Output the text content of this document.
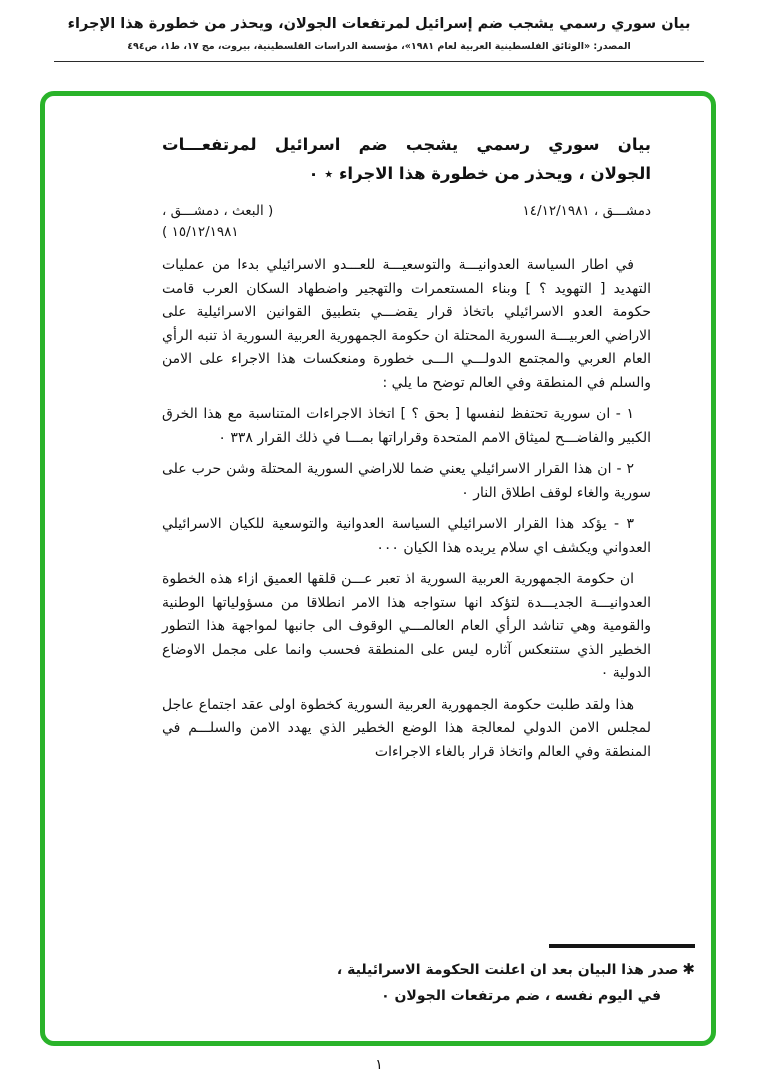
بيان سوري رسمي يشجب ضم إسرائيل لمرتفعات الجولان، ويحذر من خطورة هذا الإجراء
المصدر: «الوثائق الفلسطينية العربية لعام ١٩٨١»، مؤسسة الدراسات الفلسطينية، بيروت، مج ١٧، ط١، ص٤٩٤
بيان سوري رسمي يشجب ضم اسرائيل لمرتفعـــات
الجولان ، ويحذر من خطورة هذا الاجراء ٭ ٠
دمشـــق ، ١٤/١٢/١٩٨١
( البعث ، دمشـــق ، ١٥/١٢/١٩٨١ )

في اطار السياسة العدوانيـــة والتوسعيـــة للعـــدو الاسرائيلي بدءا من عمليات التهديد [ التهويد ؟ ] وبناء المستعمرات والتهجير واضطهاد السكان العرب قامت حكومة العدو الاسرائيلي باتخاذ قرار يقضـــي بتطبيق القوانين الاسرائيلية على الاراضي العربيـــة السورية المحتلة ان حكومة الجمهورية العربية السورية اذ تنبه الرأي العام العربي والمجتمع الدولـــي الـــى خطورة ومنعكسات هذا الاجراء على الامن والسلم في المنطقة وفي العالم توضح ما يلي :

١ - ان سورية تحتفظ لنفسها [ بحق ؟ ] اتخاذ الاجراءات المتناسبة مع هذا الخرق الكبير والفاضـــح لميثاق الامم المتحدة وقراراتها بمـــا في ذلك القرار ٣٣٨ ٠

٢ - ان هذا القرار الاسرائيلي يعني ضما للاراضي السورية المحتلة وشن حرب على سورية والغاء لوقف اطلاق النار ٠

٣ - يؤكد هذا القرار الاسرائيلي السياسة العدوانية والتوسعية للكيان الاسرائيلي العدواني ويكشف اي سلام يريده هذا الكيان ٠٠٠

ان حكومة الجمهورية العربية السورية اذ تعبر عـــن قلقها العميق ازاء هذه الخطوة العدوانيـــة الجديـــدة لتؤكد انها ستواجه هذا الامر انطلاقا من مسؤولياتها الوطنية والقومية وهي تناشد الرأي العام العالمـــي الوقوف الى جانبها لمواجهة هذا التطور الخطير الذي ستنعكس آثاره ليس على المنطقة فحسب وانما على مجمل الاوضاع الدولية ٠

هذا ولقد طلبت حكومة الجمهورية العربية السورية كخطوة اولى عقد اجتماع عاجل لمجلس الامن الدولي لمعالجة هذا الوضع الخطير الذي يهدد الامن والسلـــم في المنطقة وفي العالم واتخاذ قرار بالغاء الاجراءات

✱صدر هذا البيان بعد ان اعلنت الحكومة الاسرائيلية ،
في اليوم نفسه ، ضم مرتفعات الجولان ٠
١
